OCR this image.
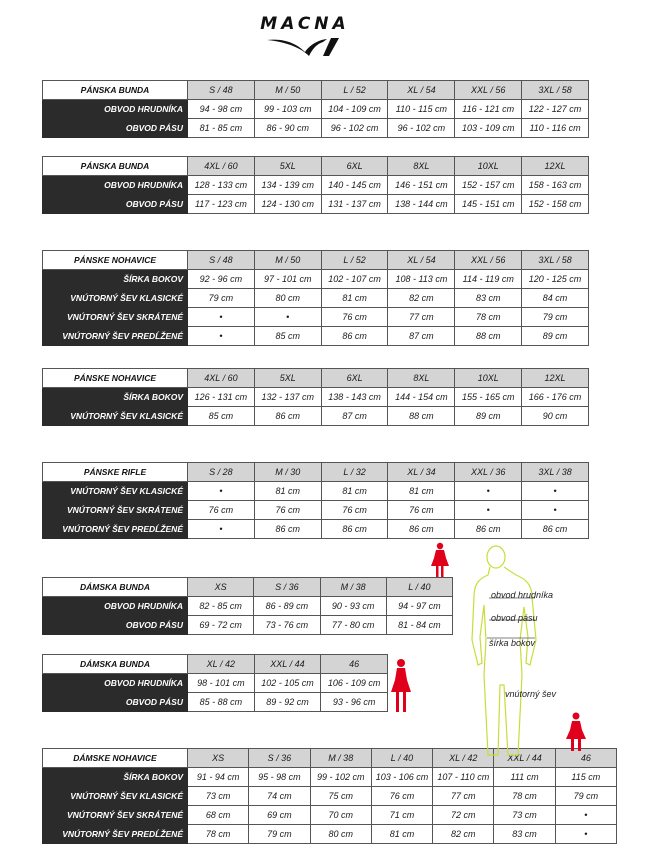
MACNA
PÁNSKA BUNDA	S / 48	M / 50	L / 52	XL / 54	XXL / 56	3XL / 58
OBVOD HRUDNÍKA	94 - 98 cm	99 - 103 cm	104 - 109 cm	110 - 115 cm	116 - 121 cm	122 - 127 cm
OBVOD PÁSU	81 - 85 cm	86 - 90 cm	96 - 102 cm	96 - 102 cm	103 - 109 cm	110 - 116 cm
PÁNSKA BUNDA	4XL / 60	5XL	6XL	8XL	10XL	12XL
OBVOD HRUDNÍKA	128 - 133 cm	134 - 139 cm	140 - 145 cm	146 - 151 cm	152 - 157 cm	158 - 163 cm
OBVOD PÁSU	117 - 123 cm	124 - 130 cm	131 - 137 cm	138 - 144 cm	145 - 151 cm	152 - 158 cm
PÁNSKE NOHAVICE	S / 48	M / 50	L / 52	XL / 54	XXL / 56	3XL / 58
ŠÍRKA BOKOV	92 - 96 cm	97 - 101 cm	102 - 107 cm	108 - 113 cm	114 - 119 cm	120 - 125 cm
VNÚTORNÝ ŠEV KLASICKÉ	79 cm	80 cm	81 cm	82 cm	83 cm	84 cm
VNÚTORNÝ ŠEV SKRÁTENÉ	•	•	76 cm	77 cm	78 cm	79 cm
VNÚTORNÝ ŠEV PREDĹŽENÉ	•	85 cm	86 cm	87 cm	88 cm	89 cm
PÁNSKE NOHAVICE	4XL / 60	5XL	6XL	8XL	10XL	12XL
ŠÍRKA BOKOV	126 - 131 cm	132 - 137 cm	138 - 143 cm	144 - 154 cm	155 - 165 cm	166 - 176 cm
VNÚTORNÝ ŠEV KLASICKÉ	85 cm	86 cm	87 cm	88 cm	89 cm	90 cm
PÁNSKE RIFLE	S / 28	M / 30	L / 32	XL / 34	XXL / 36	3XL / 38
VNÚTORNÝ ŠEV KLASICKÉ	•	81 cm	81 cm	81 cm	•	•
VNÚTORNÝ ŠEV SKRÁTENÉ	76 cm	76 cm	76 cm	76 cm	•	•
VNÚTORNÝ ŠEV PREDĹŽENÉ	•	86 cm	86 cm	86 cm	86 cm	86 cm
DÁMSKA BUNDA	XS	S / 36	M / 38	L / 40
OBVOD HRUDNÍKA	82 - 85 cm	86 - 89 cm	90 - 93 cm	94 - 97 cm
OBVOD PÁSU	69 - 72 cm	73 - 76 cm	77 - 80 cm	81 - 84 cm
DÁMSKA BUNDA	XL / 42	XXL / 44	46
OBVOD HRUDNÍKA	98 - 101 cm	102 - 105 cm	106 - 109 cm
OBVOD PÁSU	85 - 88 cm	89 - 92 cm	93 - 96 cm
DÁMSKE NOHAVICE	XS	S / 36	M / 38	L / 40	XL / 42	XXL / 44	46
ŠÍRKA BOKOV	91 - 94 cm	95 - 98 cm	99 - 102 cm	103 - 106 cm	107 - 110 cm	111 cm	115 cm
VNÚTORNÝ ŠEV KLASICKÉ	73 cm	74 cm	75 cm	76 cm	77 cm	78 cm	79 cm
VNÚTORNÝ ŠEV SKRÁTENÉ	68 cm	69 cm	70 cm	71 cm	72 cm	73 cm	•
VNÚTORNÝ ŠEV PREDĹŽENÉ	78 cm	79 cm	80 cm	81 cm	82 cm	83 cm	•
obvod hrudníka
obvod pásu
šírka bokov
vnútorný šev
